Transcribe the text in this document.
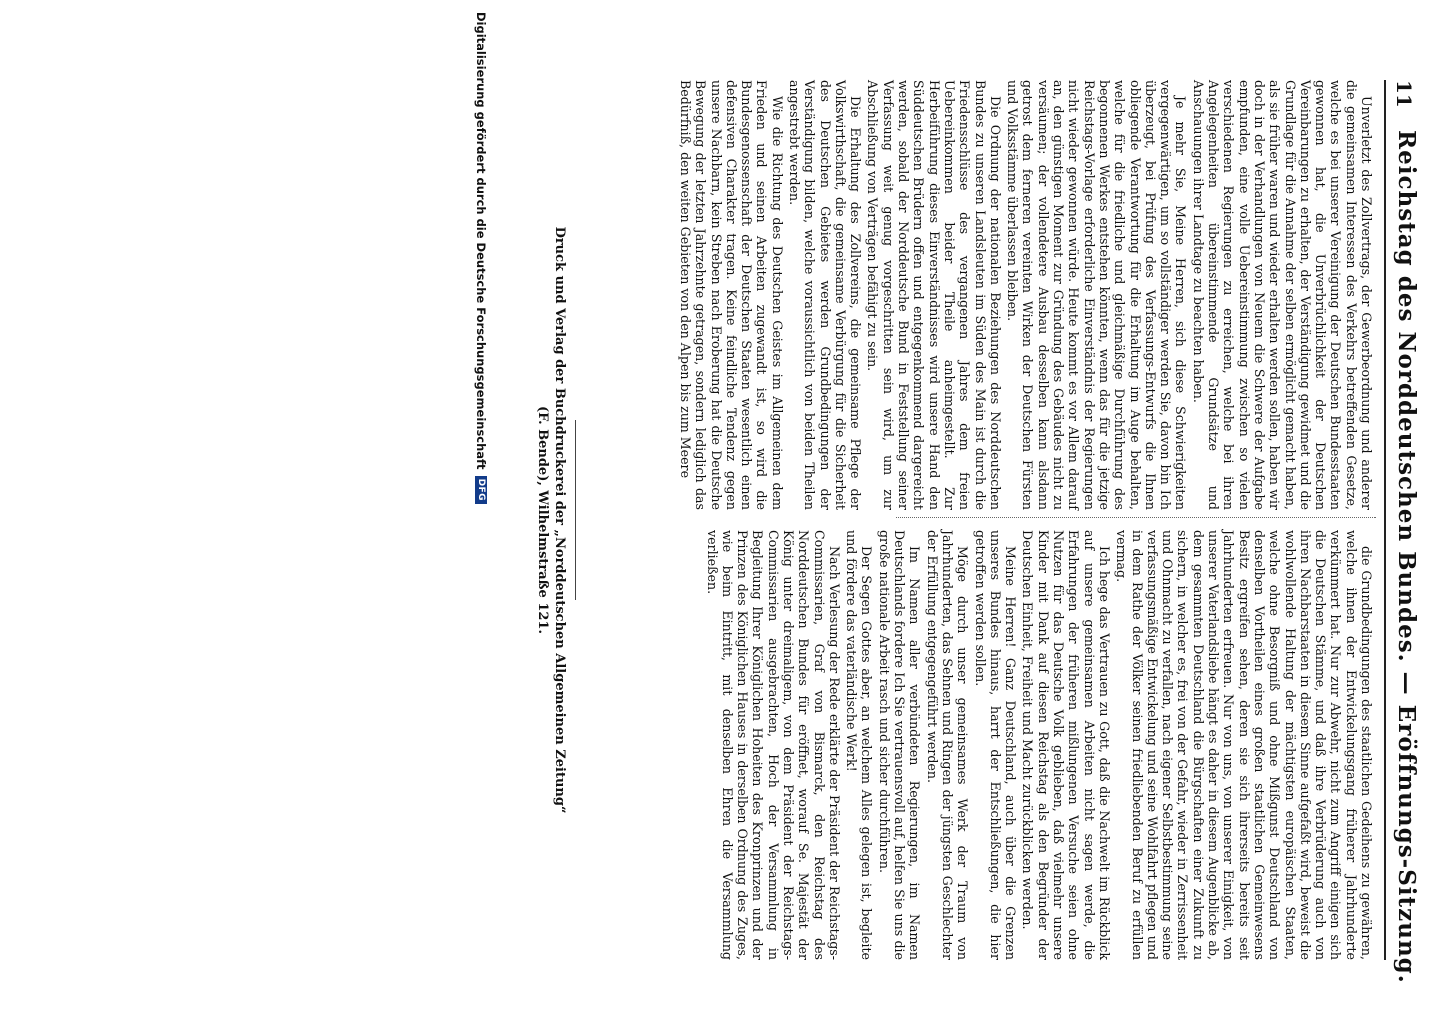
11
Reichstag des Norddeutschen Bundes. — Eröffnungs-Sitzung.

Unverletzt des Zollvertrags, der Gewerbeordnung und anderer die gemeinsamen Interessen des Verkehrs betreffenden Gesetze, welche es bei unserer Vereinigung der Deutschen Bundesstaaten gewonnen hat, die Unverbrüchlichkeit der Deutschen Vereinbarungen zu erhalten, der Verständigung gewidmet und die Grundlage für die Annahme der selben ermöglicht gemacht haben, als sie früher waren und wieder erhalten werden sollen, haben wir doch in der Verhandlungen von Neuem die Schwere der Aufgabe empfunden, eine volle Uebereinstimmung zwischen so vielen verschiedenen Regierungen zu erreichen, welche bei ihren Angelegenheiten übereinstimmende Grundsätze und Anschauungen ihrer Landtage zu beachten haben.

Je mehr Sie, Meine Herren, sich diese Schwierigkeiten vergegenwärtigen, um so vollständiger werden Sie, davon bin Ich überzeugt, bei Prüfung des Verfassungs-Entwurfs die Ihnen obliegende Verantwortung für die Erhaltung im Auge behalten, welche für die friedliche und gleichmäßige Durchführung des begonnenen Werkes entstehen könnten, wenn das für die jetzige Reichstags-Vorlage erforderliche Einverständnis der Regierungen nicht wieder gewonnen würde. Heute kommt es vor Allem darauf an, den günstigen Moment zur Gründung des Gebäudes nicht zu versäumen; der vollendetere Ausbau desselben kann alsdann getrost dem ferneren vereinten Wirken der Deutschen Fürsten und Volksstämme überlassen bleiben.

Die Ordnung der nationalen Beziehungen des Norddeutschen Bundes zu unseren Landsleuten im Süden des Main ist durch die Friedensschlüsse des vergangenen Jahres dem freien Uebereinkommen beider Theile anheimgestellt. Zur Herbeiführung dieses Einverständnisses wird unsere Hand den Süddeutschen Brüdern offen und entgegenkommend dargereicht werden, sobald der Norddeutsche Bund in Feststellung seiner Verfassung weit genug vorgeschritten sein wird, um zur Abschließung von Verträgen befähigt zu sein.

Die Erhaltung des Zollvereins, die gemeinsame Pflege der Volkswirthschaft, die gemeinsame Verbürgung für die Sicherheit des Deutschen Gebietes werden Grundbedingungen der Verständigung bilden, welche voraussichtlich von beiden Theilen angestrebt werden.

Wie die Richtung des Deutschen Geistes im Allgemeinen dem Frieden und seinen Arbeiten zugewandt ist, so wird die Bundesgenossenschaft der Deutschen Staaten wesentlich einen defensiven Charakter tragen. Keine feindliche Tendenz gegen unsere Nachbarn, kein Streben nach Eroberung hat die Deutsche Bewegung der letzten Jahrzehnte getragen, sondern lediglich das Bedürfniß, den weiten Gebieten von den Alpen bis zum Meere

die Grundbedingungen des staatlichen Gedeihens zu gewähren, welche ihnen der Entwickelungsgang früherer Jahrhunderte verkümmert hat. Nur zur Abwehr, nicht zum Angriff einigen sich die Deutschen Stämme, und daß ihre Verbrüderung auch von ihren Nachbarstaaten in diesem Sinne aufgefaßt wird, beweist die wohlwollende Haltung der mächtigsten europäischen Staaten, welche ohne Besorgniß und ohne Mißgunst Deutschland von denselben Vortheilen eines großen staatlichen Gemeinwesens Besitz ergreifen sehen, deren sie sich ihrerseits bereits seit Jahrhunderten erfreuen. Nur von uns, von unserer Einigkeit, von unserer Vaterlandsliebe hängt es daher in diesem Augenblicke ab, dem gesammten Deutschland die Bürgschaften einer Zukunft zu sichern, in welcher es, frei von der Gefahr, wieder in Zerrissenheit und Ohnmacht zu verfallen, nach eigener Selbstbestimmung seine verfassungsmäßige Entwickelung und seine Wohlfahrt pflegen und in dem Rathe der Völker seinen friedliebenden Beruf zu erfüllen vermag.

Ich hege das Vertrauen zu Gott, daß die Nachwelt im Rückblick auf unsere gemeinsamen Arbeiten nicht sagen werde, die Erfahrungen der früheren mißlungenen Versuche seien ohne Nutzen für das Deutsche Volk geblieben, daß vielmehr unsere Kinder mit Dank auf diesen Reichstag als den Begründer der Deutschen Einheit, Freiheit und Macht zurückblicken werden.

Meine Herren! Ganz Deutschland, auch über die Grenzen unseres Bundes hinaus, harrt der Entschließungen, die hier getroffen werden sollen.

Möge durch unser gemeinsames Werk der Traum von Jahrhunderten, das Sehnen und Ringen der jüngsten Geschlechter der Erfüllung entgegengeführt werden.

Im Namen aller verbündeten Regierungen, im Namen Deutschlands fordere Ich Sie vertrauensvoll auf, helfen Sie uns die große nationale Arbeit rasch und sicher durchführen.

Der Segen Gottes aber, an welchem Alles gelegen ist, begleite und fördere das vaterländische Werk!

Nach Verlesung der Rede erklärte der Präsident der Reichstags-Commissarien, Graf von Bismarck, den Reichstag des Norddeutschen Bundes für eröffnet, worauf Se. Majestät der König unter dreimaligem, von dem Präsident der Reichstags-Commissarien ausgebrachten, Hoch der Versammlung in Begleitung Ihrer Königlichen Hoheiten des Kronprinzen und der Prinzen des Königlichen Hauses in derselben Ordnung des Zuges, wie beim Eintritt, mit denselben Ehren die Versammlung verließen.

Druck und Verlag der Buchdruckerei der „Norddeutschen Allgemeinen Zeitung“
(F. Bende), Wilhelmstraße 121.
Digitalisierung gefördert durch die Deutsche Forschungsgemeinschaft
DFG
